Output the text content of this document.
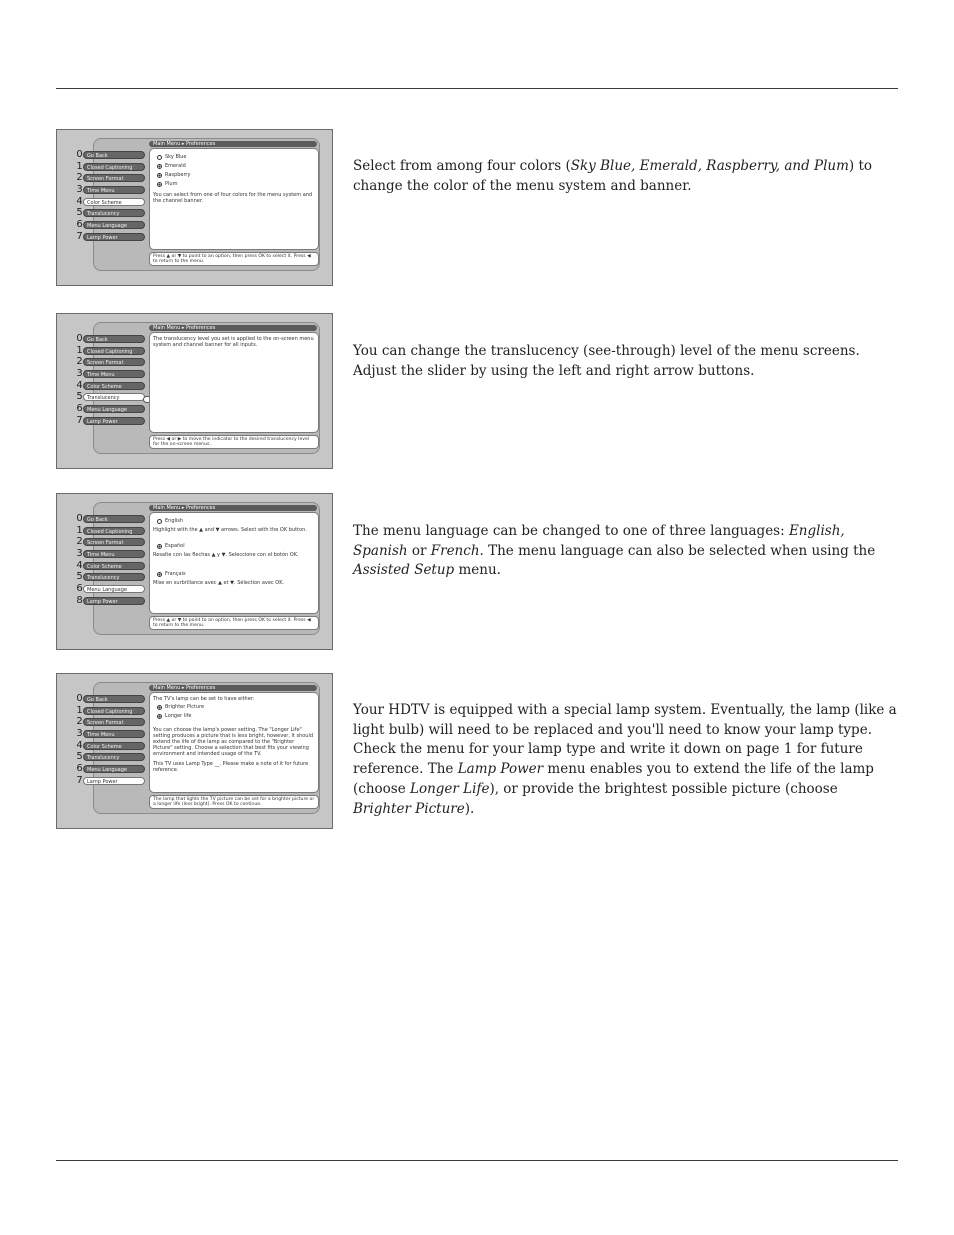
Main Menu ▸ Preferences
0 Go Back
1 Closed Captioning
2 Screen Format
3 Time Menu
4 Color Scheme
5 Translucency
6 Menu Language
7 Lamp Power
Sky Blue
Emerald
Raspberry
Plum
You can select from one of four colors for the menu system and the channel banner.
Press ▲ or ▼ to point to an option, then press OK to select it. Press ◀ to return to the menu.

Select from among four colors (Sky Blue, Emerald, Raspberry, and Plum) to change the color of the menu system and banner.

Main Menu ▸ Preferences
0 Go Back
1 Closed Captioning
2 Screen Format
3 Time Menu
4 Color Scheme
5 Translucency
6 Menu Language
7 Lamp Power
The translucency level you set is applied to the on-screen menu system and channel banner for all inputs.
Press ◀ or ▶ to move the indicator to the desired translucency level for the on-screen menus.

You can change the translucency (see-through) level of the menu screens. Adjust the slider by using the left and right arrow buttons.

Main Menu ▸ Preferences
0 Go Back
1 Closed Captioning
2 Screen Format
3 Time Menu
4 Color Scheme
5 Translucency
6 Menu Language
8 Lamp Power
English
Highlight with the ▲ and ▼ arrows. Select with the OK button.
Español
Resalte con las flechas ▲ y ▼. Seleccione con el botón OK.
Français
Mise en surbrillance avec ▲ et ▼. Sélection avec OK.
Press ▲ or ▼ to point to an option, then press OK to select it. Press ◀ to return to the menu.

The menu language can be changed to one of three languages: English, Spanish or French. The menu language can also be selected when using the Assisted Setup menu.

Main Menu ▸ Preferences
0 Go Back
1 Closed Captioning
2 Screen Format
3 Time Menu
4 Color Scheme
5 Translucency
6 Menu Language
7 Lamp Power
The TV's lamp can be set to have either:
Brighter Picture
Longer life
You can choose the lamp's power setting. The "Longer Life" setting produces a picture that is less bright, however, it should extend the life of the lamp as compared to the "Brighter Picture" setting. Choose a selection that best fits your viewing environment and intended usage of the TV.
This TV uses Lamp Type __. Please make a note of it for future reference.
The lamp that lights the TV picture can be set for a brighter picture or a longer life (less bright). Press OK to continue.

Your HDTV is equipped with a special lamp system. Eventually, the lamp (like a light bulb) will need to be replaced and you'll need to know your lamp type. Check the menu for your lamp type and write it down on page 1 for future reference. The Lamp Power menu enables you to extend the life of the lamp (choose Longer Life), or provide the brightest possible picture (choose Brighter Picture).
